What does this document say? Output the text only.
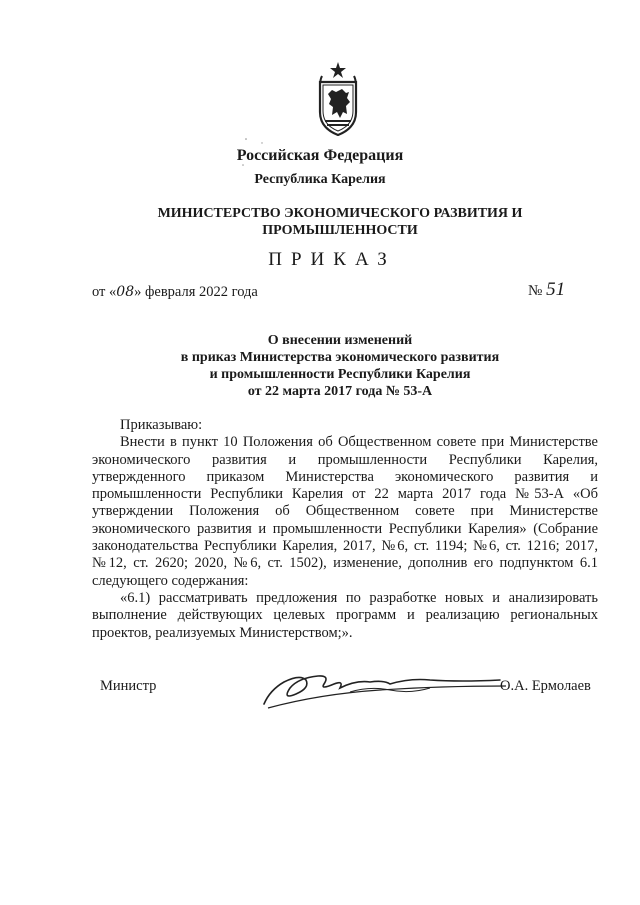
Российская Федерация
Республика Карелия
МИНИСТЕРСТВО ЭКОНОМИЧЕСКОГО РАЗВИТИЯ И ПРОМЫШЛЕННОСТИ
ПРИКАЗ
от «08» февраля 2022 года	№ 51
О внесении изменений
в приказ Министерства экономического развития
и промышленности Республики Карелия
от 22 марта 2017 года № 53-А

Приказываю:

Внести в пункт 10 Положения об Общественном совете при Министерстве экономического развития и промышленности Республики Карелия, утвержденного приказом Министерства экономического развития и промышленности Республики Карелия от 22 марта 2017 года №53-А «Об утверждении Положения об Общественном совете при Министерстве экономического развития и промышленности Республики Карелия» (Собрание законодательства Республики Карелия, 2017, №6, ст. 1194; №6, ст. 1216; 2017, №12, ст. 2620; 2020, №6, ст. 1502), изменение, дополнив его подпунктом 6.1 следующего содержания:

«6.1) рассматривать предложения по разработке новых и анализировать выполнение действующих целевых программ и реализацию региональных проектов, реализуемых Министерством;».

Министр	О.А. Ермолаев
